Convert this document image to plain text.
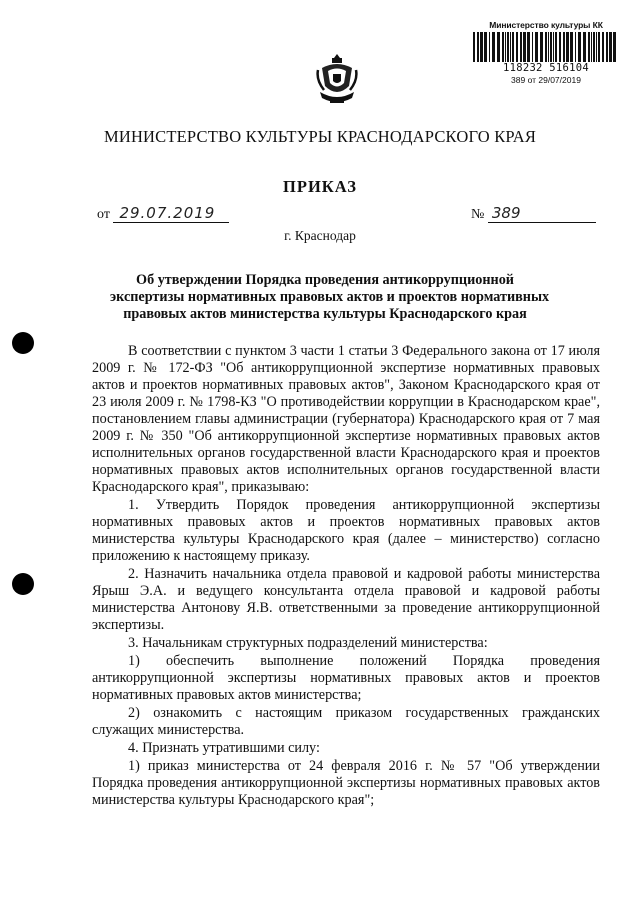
Министерство культуры КК
118232 516104
389 от 29/07/2019
МИНИСТЕРСТВО КУЛЬТУРЫ КРАСНОДАРСКОГО КРАЯ
ПРИКАЗ
от 29.07.2019	№ 389
г. Краснодар
Об утверждении Порядка проведения антикоррупционной
экспертизы нормативных правовых актов и проектов нормативных
правовых актов министерства культуры Краснодарского края
В соответствии с пунктом 3 части 1 статьи 3 Федерального закона от 17 июля 2009 г. № 172-ФЗ "Об антикоррупционной экспертизе нормативных правовых актов и проектов нормативных правовых актов", Законом Краснодарского края от 23 июля 2009 г. № 1798-КЗ "О противодействии коррупции в Краснодарском крае", постановлением главы администрации (губернатора) Краснодарского края от 7 мая 2009 г. № 350 "Об антикоррупционной экспертизе нормативных правовых актов исполнительных органов государственной власти Краснодарского края и проектов нормативных правовых актов исполнительных органов государственной власти Краснодарского края", приказываю:
1. Утвердить Порядок проведения антикоррупционной экспертизы нормативных правовых актов и проектов нормативных правовых актов министерства культуры Краснодарского края (далее – министерство) согласно приложению к настоящему приказу.
2. Назначить начальника отдела правовой и кадровой работы министерства Ярыш Э.А. и ведущего консультанта отдела правовой и кадровой работы министерства Антонову Я.В. ответственными за проведение антикоррупционной экспертизы.
3. Начальникам структурных подразделений министерства:
1) обеспечить выполнение положений Порядка проведения антикоррупционной экспертизы нормативных правовых актов и проектов нормативных правовых актов министерства;
2) ознакомить с настоящим приказом государственных гражданских служащих министерства.
4. Признать утратившими силу:
1) приказ министерства от 24 февраля 2016 г. № 57 "Об утверждении Порядка проведения антикоррупционной экспертизы нормативных правовых актов министерства культуры Краснодарского края";
